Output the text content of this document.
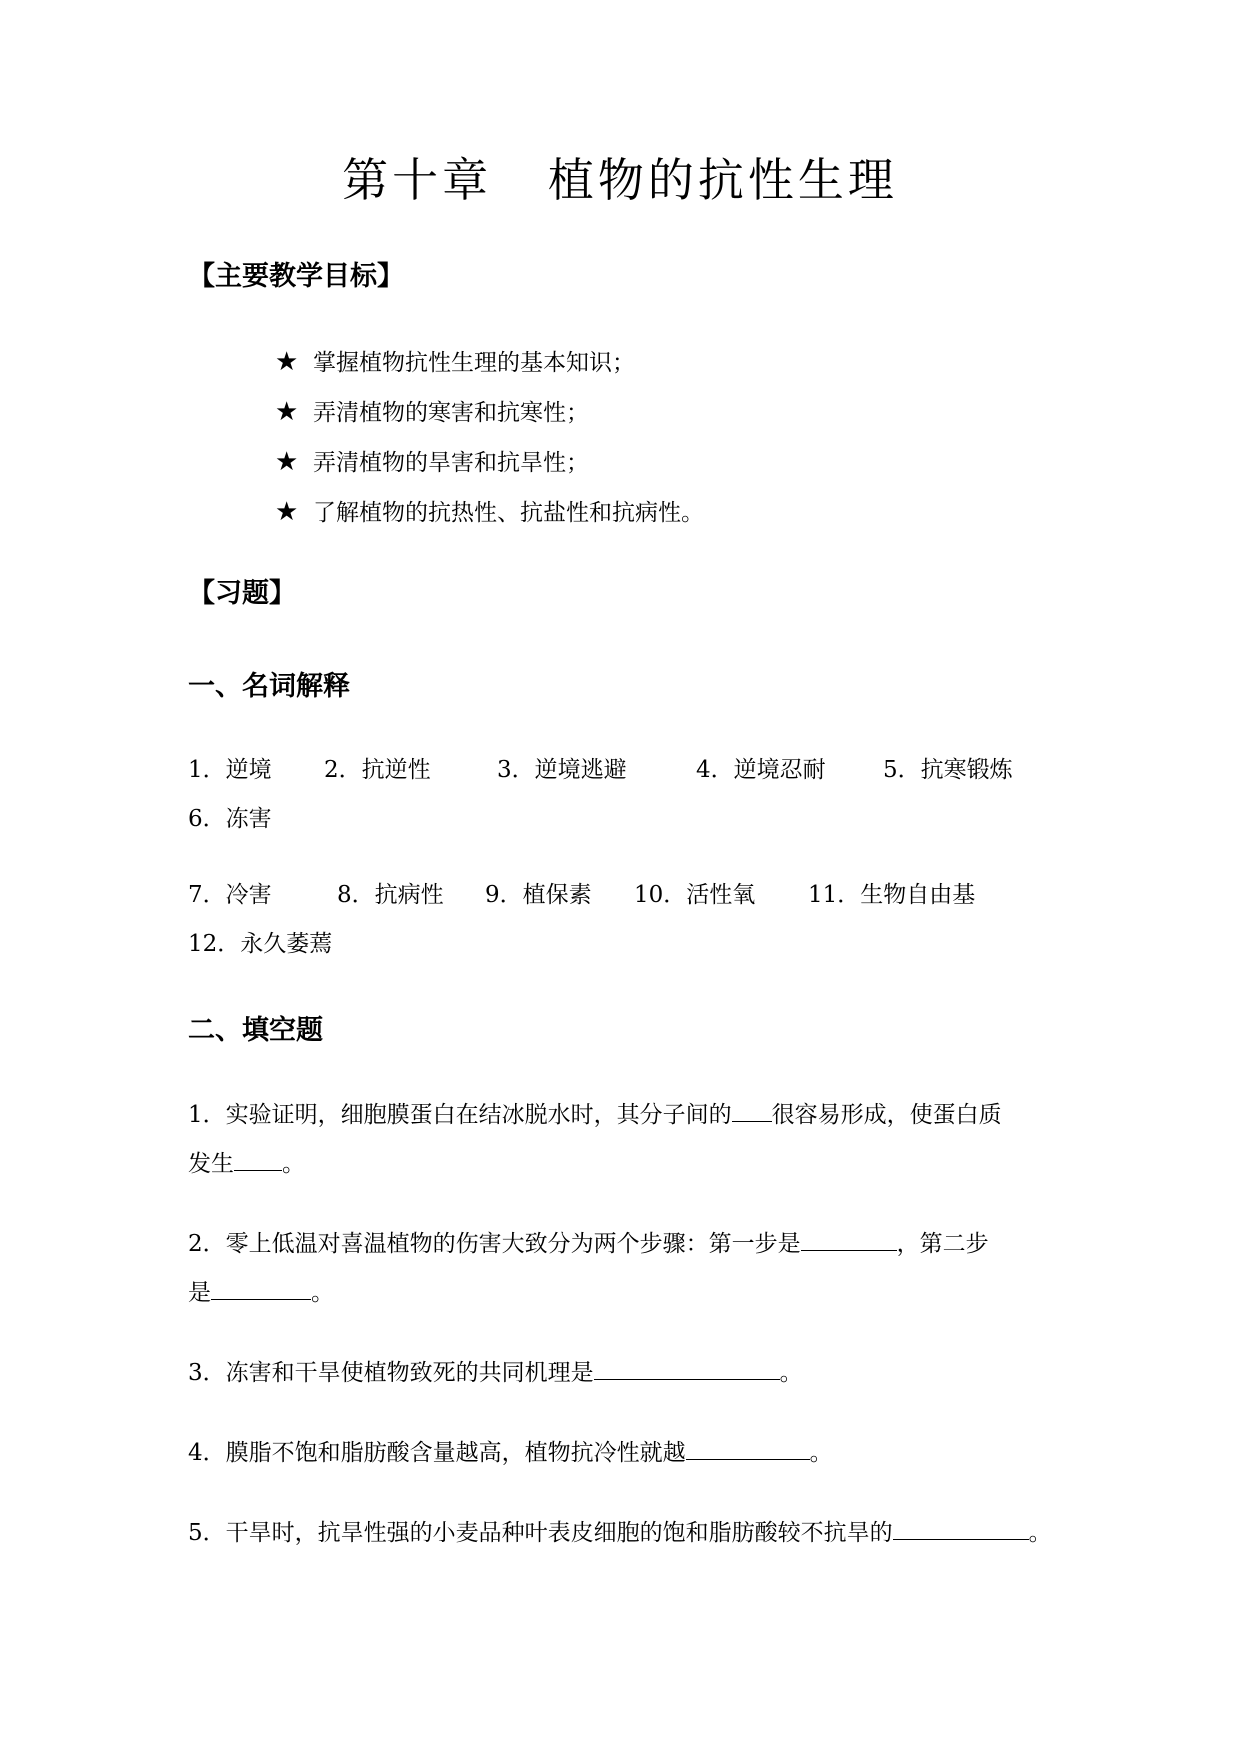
第十章   植物的抗性生理
【主要教学目标】
★ 掌握植物抗性生理的基本知识；
★ 弄清植物的寒害和抗寒性；
★ 弄清植物的旱害和抗旱性；
★ 了解植物的抗热性、抗盐性和抗病性。
【习题】
一、名词解释
1．逆境 2．抗逆性	3．逆境逃避	4．逆境忍耐 5．抗寒锻炼
6．冻害
7．冷害	8．抗病性 9．植保素 10．活性氧 11．生物自由基
12．永久萎蔫
二、填空题
1．实验证明，细胞膜蛋白在结冰脱水时，其分子间的 很容易形成，使蛋白质
发生 。
2．零上低温对喜温植物的伤害大致分为两个步骤：第一步是	，第二步
是	。
3．冻害和干旱使植物致死的共同机理是	。
4．膜脂不饱和脂肪酸含量越高，植物抗冷性就越	。
5．干旱时，抗旱性强的小麦品种叶表皮细胞的饱和脂肪酸较不抗旱的	。
